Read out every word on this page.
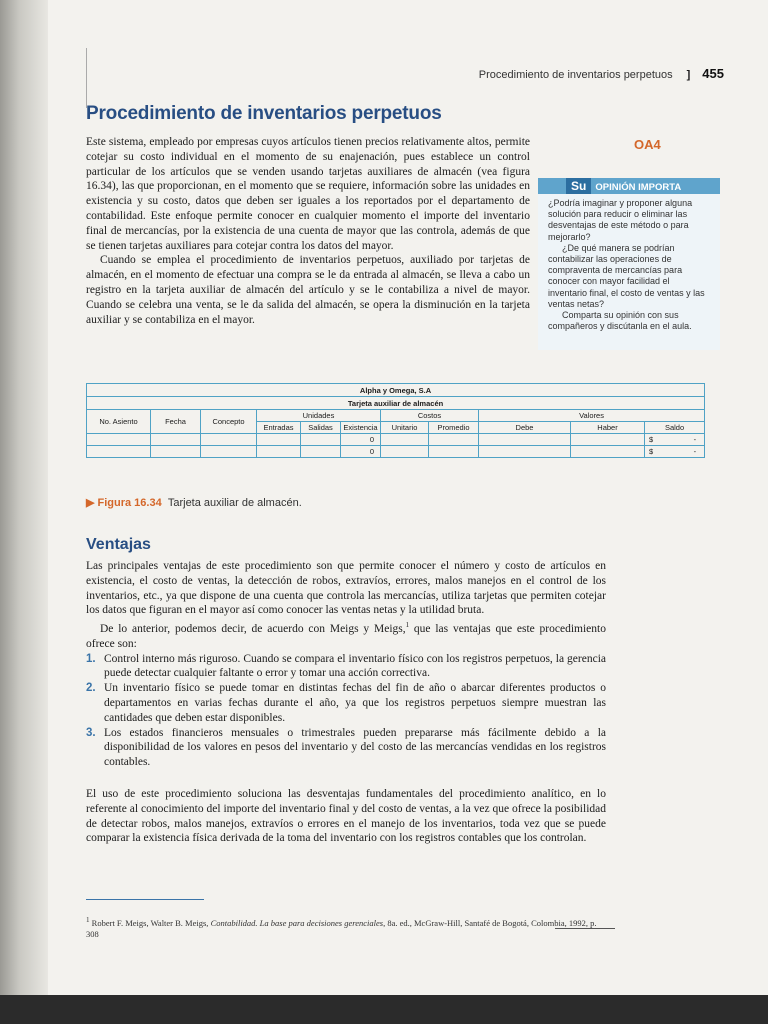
Procedimiento de inventarios perpetuos ] 455
Procedimiento de inventarios perpetuos

Este sistema, empleado por empresas cuyos artículos tienen precios relativamente altos, permite cotejar su costo individual en el momento de su enajenación, pues establece un control particular de los artículos que se venden usando tarjetas auxiliares de almacén (vea figura 16.34), las que proporcionan, en el momento que se requiere, información sobre las unidades en existencia y su costo, datos que deben ser iguales a los reportados por el departamento de contabilidad. Este enfoque permite conocer en cualquier momento el importe del inventario final de mercancías, por la existencia de una cuenta de mayor que las controla, además de que se tienen tarjetas auxiliares para cotejar contra los datos del mayor.

Cuando se emplea el procedimiento de inventarios perpetuos, auxiliado por tarjetas de almacén, en el momento de efectuar una compra se le da entrada al almacén, se lleva a cabo un registro en la tarjeta auxiliar de almacén del artículo y se le contabiliza a nivel de mayor. Cuando se celebra una venta, se le da salida del almacén, se opera la disminución en la tarjeta auxiliar y se contabiliza en el mayor.

OA4
Su OPINIÓN IMPORTA

¿Podría imaginar y proponer alguna solución para reducir o eliminar las desventajas de este método o para mejorarlo?

¿De qué manera se podrían contabilizar las operaciones de compraventa de mercancías para conocer con mayor facilidad el inventario final, el costo de ventas y las ventas netas?

Comparta su opinión con sus compañeros y discútanla en el aula.

Alpha y Omega, S.A										
Tarjeta auxiliar de almacén										
No. Asiento	Fecha	Concepto	Unidades			Costos		Valores		
			Entradas	Salidas	Existencia	Unitario	Promedio	Debe	Haber	Saldo
					0					$ -

					0					$ -
▶ Figura 16.34 Tarjeta auxiliar de almacén.
Ventajas

Las principales ventajas de este procedimiento son que permite conocer el número y costo de artículos en existencia, el costo de ventas, la detección de robos, extravíos, errores, malos manejos en el control de los inventarios, etc., ya que dispone de una cuenta que controla las mercancías, utiliza tarjetas que permiten cotejar los datos que figuran en el mayor así como conocer las ventas netas y la utilidad bruta.

De lo anterior, podemos decir, de acuerdo con Meigs y Meigs,$^1$ que las ventajas que este procedimiento ofrece son:

1. Control interno más riguroso. Cuando se compara el inventario físico con los registros perpetuos, la gerencia puede detectar cualquier faltante o error y tomar una acción correctiva.
2. Un inventario físico se puede tomar en distintas fechas del fin de año o abarcar diferentes productos o departamentos en varias fechas durante el año, ya que los registros perpetuos siempre muestran las cantidades que deben estar disponibles.
3. Los estados financieros mensuales o trimestrales pueden prepararse más fácilmente debido a la disponibilidad de los valores en pesos del inventario y del costo de las mercancías vendidas en los registros contables.
El uso de este procedimiento soluciona las desventajas fundamentales del procedimiento analítico, en lo referente al conocimiento del importe del inventario final y del costo de ventas, a la vez que ofrece la posibilidad de detectar robos, malos manejos, extravíos o errores en el manejo de los inventarios, toda vez que se puede comparar la existencia física derivada de la toma del inventario con los registros contables que los controlan.
$^1$ Robert F. Meigs, Walter B. Meigs, Contabilidad. La base para decisiones gerenciales, 8a. ed., McGraw-Hill, Santafé de Bogotá, Colombia, 1992, p. 308
